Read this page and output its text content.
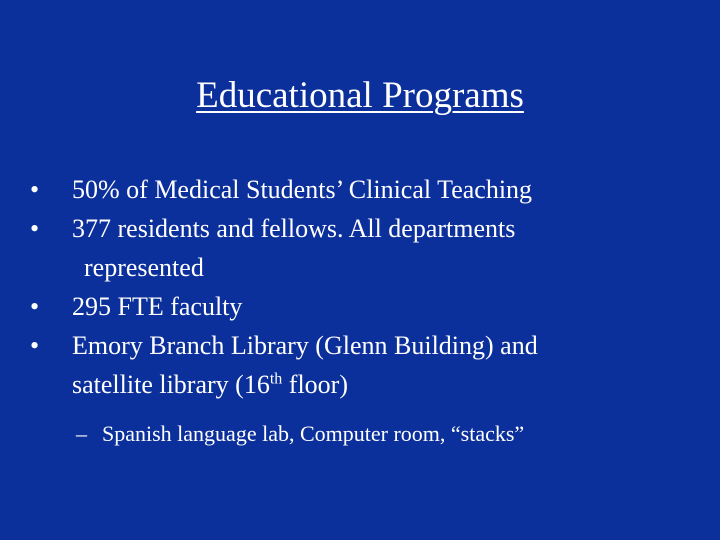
Educational Programs
•	50% of Medical Students’ Clinical Teaching
•	377 residents and fellows. All departments
represented
•	295 FTE faculty
•	Emory Branch Library (Glenn Building) and
satellite library (16th floor)
– Spanish language lab, Computer room, “stacks”
